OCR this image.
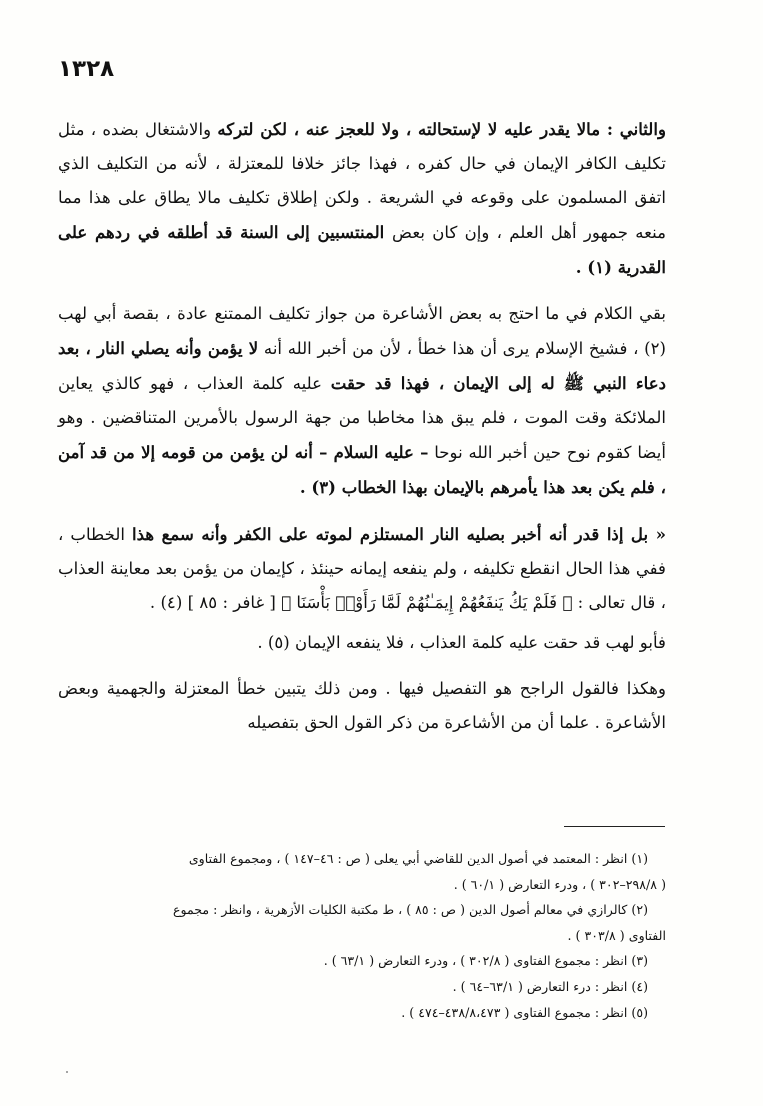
١٣٢٨

والثاني : مالا يقدر عليه لا لإستحالته ، ولا للعجز عنه ، لكن لتركه والاشتغال بضده ، مثل تكليف الكافر الإيمان في حال كفره ، فهذا جائز خلافا للمعتزلة ، لأنه من التكليف الذي اتفق المسلمون على وقوعه في الشريعة . ولكن إطلاق تكليف مالا يطاق على هذا مما منعه جمهور أهل العلم ، وإن كان بعض المنتسبين إلى السنة قد أطلقه في ردهم على القدرية (١) .

بقي الكلام في ما احتج به بعض الأشاعرة من جواز تكليف الممتنع عادة ، بقصة أبي لهب (٢) ، فشيخ الإسلام يرى أن هذا خطأ ، لأن من أخبر الله أنه لا يؤمن وأنه يصلي النار ، بعد دعاء النبي ﷺ له إلى الإيمان ، فهذا قد حقت عليه كلمة العذاب ، فهو كالذي يعاين الملائكة وقت الموت ، فلم يبق هذا مخاطبا من جهة الرسول بالأمرين المتناقضين . وهو أيضا كقوم نوح حين أخبر الله نوحا – عليه السلام – أنه لن يؤمن من قومه إلا من قد آمن ، فلم يكن بعد هذا يأمرهم بالإيمان بهذا الخطاب (٣) .

« بل إذا قدر أنه أخبر بصليه النار المستلزم لموته على الكفر وأنه سمع هذا الخطاب ، ففي هذا الحال انقطع تكليفه ، ولم ينفعه إيمانه حينئذ ، كإيمان من يؤمن بعد معاينة العذاب ، قال تعالى : ﴿ فَلَمْ يَكُ يَنفَعُهُمْ إِيمَـٰنُهُمْ لَمَّا رَأَوْا۟ بَأْسَنَا ﴾ [ غافر : ٨٥ ] (٤) .

فأبو لهب قد حقت عليه كلمة العذاب ، فلا ينفعه الإيمان (٥) .

وهكذا فالقول الراجح هو التفصيل فيها . ومن ذلك يتبين خطأ المعتزلة والجهمية وبعض الأشاعرة . علما أن من الأشاعرة من ذكر القول الحق بتفصيله

(١) انظر : المعتمد في أصول الدين للقاضي أبي يعلى ( ص : ٤٦–١٤٧ ) ، ومجموع الفتاوى
( ٢٩٨/٨–٣٠٢ ) ، ودرء التعارض ( ٦٠/١ ) .
(٢) كالرازي في معالم أصول الدين ( ص : ٨٥ ) ، ط مكتبة الكليات الأزهرية ، وانظر : مجموع
الفتاوى ( ٣٠٣/٨ ) .
(٣) انظر : مجموع الفتاوى ( ٣٠٢/٨ ) ، ودرء التعارض ( ٦٣/١ ) .
(٤) انظر : درء التعارض ( ٦٣/١–٦٤ ) .
(٥) انظر : مجموع الفتاوى ( ٤٣٨/٨،٤٧٣–٤٧٤ ) .
